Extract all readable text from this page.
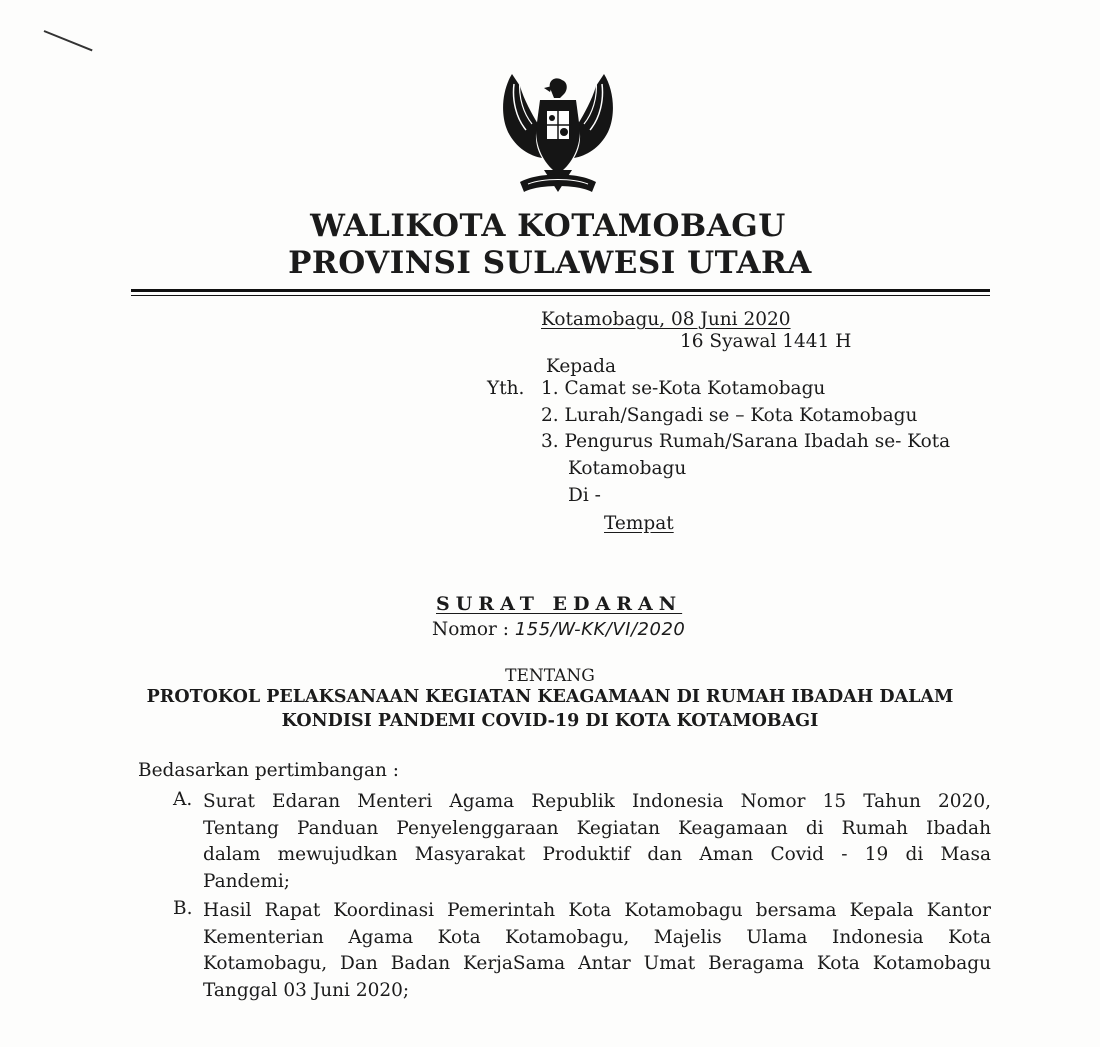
WALIKOTA KOTAMOBAGU
PROVINSI SULAWESI UTARA
Kotamobagu, 08 Juni 2020
16 Syawal 1441 H
Kepada
Yth. 1. Camat se-Kota Kotamobagu
2. Lurah/Sangadi se – Kota Kotamobagu
3. Pengurus Rumah/Sarana Ibadah se- Kota
Kotamobagu
Di -
Tempat
SURAT EDARAN
Nomor : 155/W-KK/VI/2020
TENTANG
PROTOKOL PELAKSANAAN KEGIATAN KEAGAMAAN DI RUMAH IBADAH DALAM
KONDISI PANDEMI COVID-19 DI KOTA KOTAMOBAGI
Bedasarkan pertimbangan :
A. Surat Edaran Menteri Agama Republik Indonesia Nomor 15 Tahun 2020,
Tentang Panduan Penyelenggaraan Kegiatan Keagamaan di Rumah Ibadah
dalam mewujudkan Masyarakat Produktif dan Aman Covid - 19 di Masa
Pandemi;
B. Hasil Rapat Koordinasi Pemerintah Kota Kotamobagu bersama Kepala Kantor
Kementerian Agama Kota Kotamobagu, Majelis Ulama Indonesia Kota
Kotamobagu, Dan Badan KerjaSama Antar Umat Beragama Kota Kotamobagu
Tanggal 03 Juni 2020;
